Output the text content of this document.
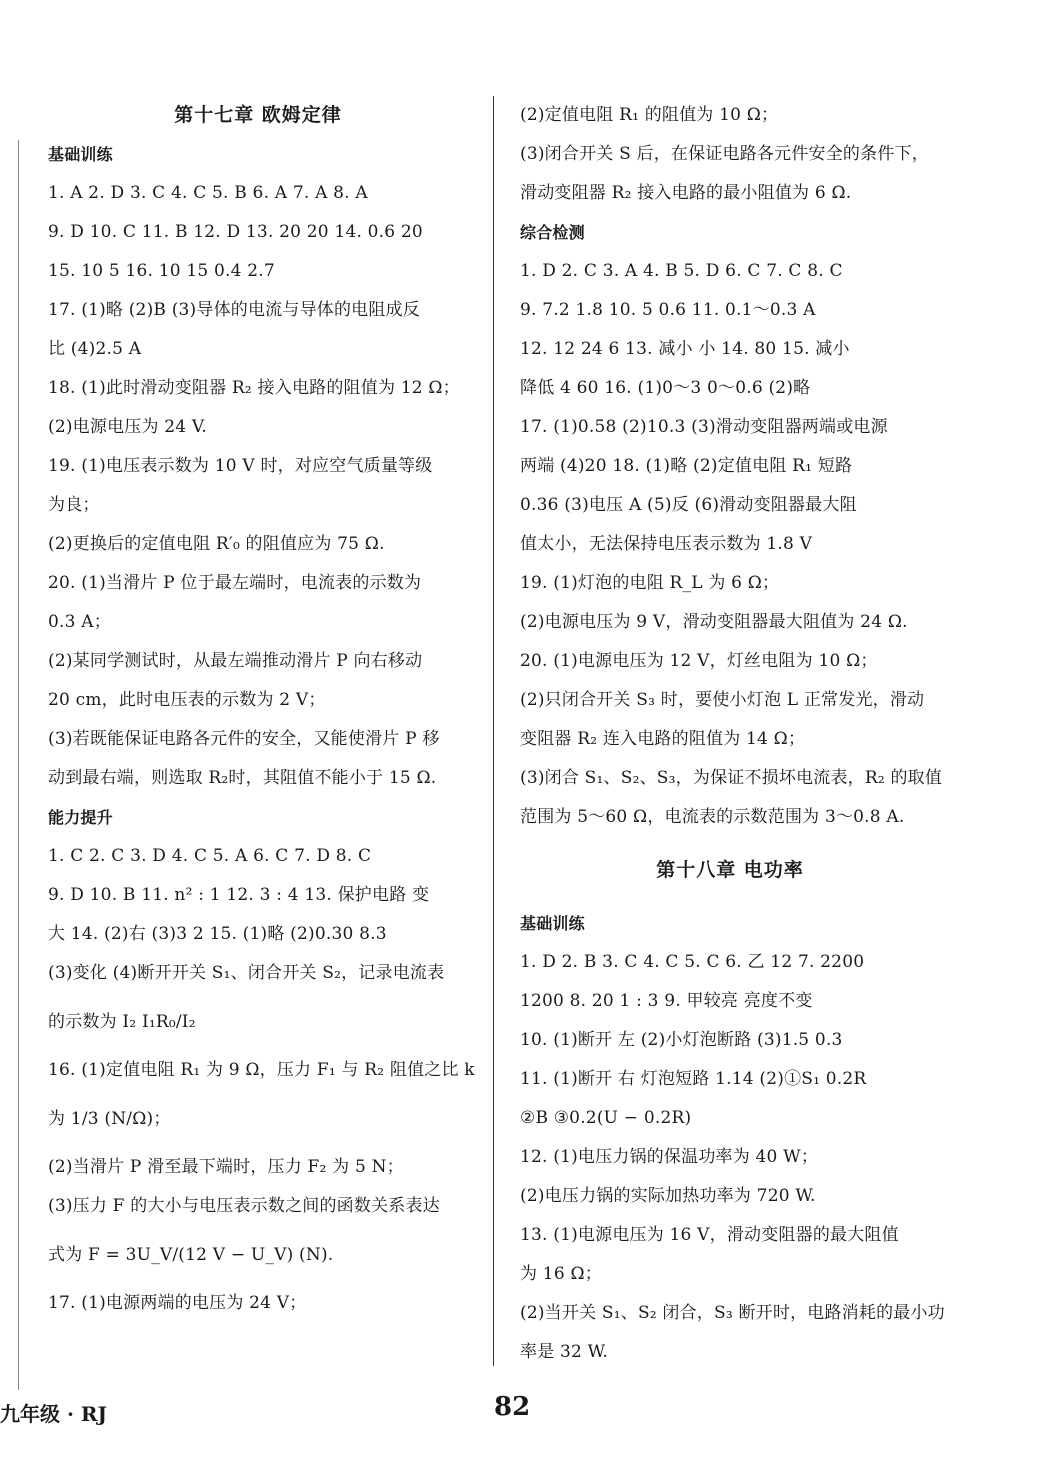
第十七章 欧姆定律
基础训练
1. A 2. D 3. C 4. C 5. B 6. A 7. A 8. A
9. D 10. C 11. B 12. D 13. 20 20 14. 0.6 20
15. 10 5 16. 10 15 0.4 2.7
17. (1)略 (2)B (3)导体的电流与导体的电阻成反
比 (4)2.5 A
18. (1)此时滑动变阻器 R₂ 接入电路的阻值为 12 Ω；
(2)电源电压为 24 V.
19. (1)电压表示数为 10 V 时，对应空气质量等级
为良；
(2)更换后的定值电阻 R′₀ 的阻值应为 75 Ω.
20. (1)当滑片 P 位于最左端时，电流表的示数为
0.3 A；
(2)某同学测试时，从最左端推动滑片 P 向右移动
20 cm，此时电压表的示数为 2 V；
(3)若既能保证电路各元件的安全，又能使滑片 P 移
动到最右端，则选取 R₂时，其阻值不能小于 15 Ω.
能力提升
1. C 2. C 3. D 4. C 5. A 6. C 7. D 8. C
9. D 10. B 11. n² : 1 12. 3 : 4 13. 保护电路 变
大 14. (2)右 (3)3 2 15. (1)略 (2)0.30 8.3
(3)变化 (4)断开开关 S₁、闭合开关 S₂，记录电流表
的示数为 I₂ I₁R₀/I₂
16. (1)定值电阻 R₁ 为 9 Ω，压力 F₁ 与 R₂ 阻值之比 k
为 1/3 (N/Ω)；
(2)当滑片 P 滑至最下端时，压力 F₂ 为 5 N；
(3)压力 F 的大小与电压表示数之间的函数关系表达
式为 F = 3U_V/(12 V − U_V) (N).
17. (1)电源两端的电压为 24 V；
(2)定值电阻 R₁ 的阻值为 10 Ω；
(3)闭合开关 S 后，在保证电路各元件安全的条件下，
滑动变阻器 R₂ 接入电路的最小阻值为 6 Ω.
综合检测
1. D 2. C 3. A 4. B 5. D 6. C 7. C 8. C
9. 7.2 1.8 10. 5 0.6 11. 0.1～0.3 A
12. 12 24 6 13. 减小 小 14. 80 15. 减小
降低 4 60 16. (1)0～3 0～0.6 (2)略
17. (1)0.58 (2)10.3 (3)滑动变阻器两端或电源
两端 (4)20 18. (1)略 (2)定值电阻 R₁ 短路
0.36 (3)电压 A (5)反 (6)滑动变阻器最大阻
值太小，无法保持电压表示数为 1.8 V
19. (1)灯泡的电阻 R_L 为 6 Ω；
(2)电源电压为 9 V，滑动变阻器最大阻值为 24 Ω.
20. (1)电源电压为 12 V，灯丝电阻为 10 Ω；
(2)只闭合开关 S₃ 时，要使小灯泡 L 正常发光，滑动
变阻器 R₂ 连入电路的阻值为 14 Ω；
(3)闭合 S₁、S₂、S₃，为保证不损坏电流表，R₂ 的取值
范围为 5～60 Ω，电流表的示数范围为 3～0.8 A.
第十八章 电功率
基础训练
1. D 2. B 3. C 4. C 5. C 6. 乙 12 7. 2200
1200 8. 20 1 : 3 9. 甲较亮 亮度不变
10. (1)断开 左 (2)小灯泡断路 (3)1.5 0.3
11. (1)断开 右 灯泡短路 1.14 (2)①S₁ 0.2R
②B ③0.2(U − 0.2R)
12. (1)电压力锅的保温功率为 40 W；
(2)电压力锅的实际加热功率为 720 W.
13. (1)电源电压为 16 V，滑动变阻器的最大阻值
为 16 Ω；
(2)当开关 S₁、S₂ 闭合，S₃ 断开时，电路消耗的最小功
率是 32 W.
九年级 · RJ	82
